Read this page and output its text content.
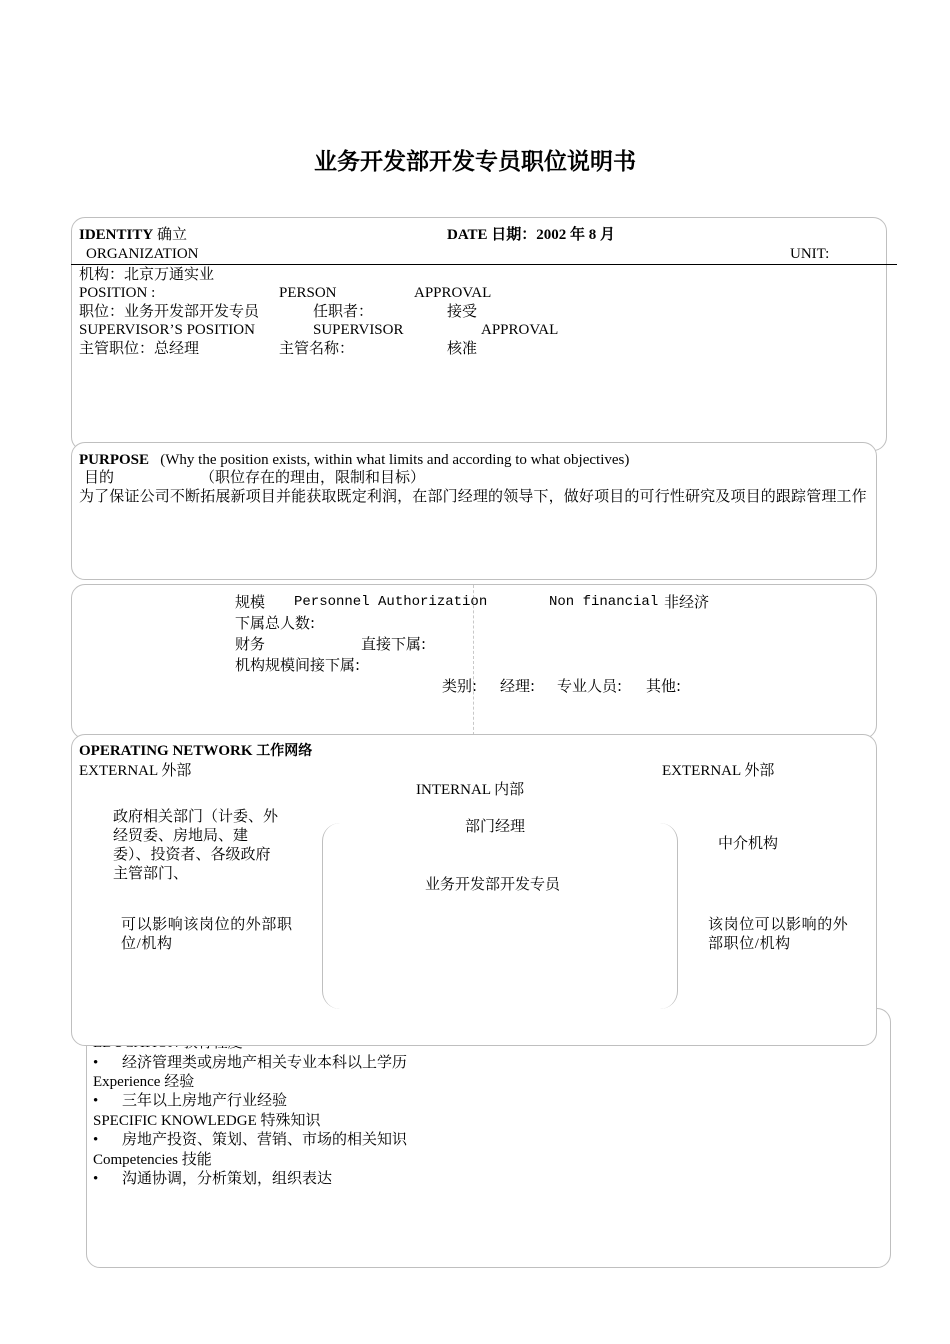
业务开发部开发专员职位说明书
IDENTITY 确立	DATE 日期：2002 年 8 月
ORGANIZATION	UNIT:
机构：北京万通实业
POSITION :	PERSON	APPROVAL
职位：业务开发部开发专员	任职者：	接受
SUPERVISOR’S POSITION	SUPERVISOR	APPROVAL
主管职位：总经理	主管名称：	核准
PURPOSE (Why the position exists, within what limits and according to what objectives)
目的	（职位存在的理由，限制和目标）
为了保证公司不断拓展新项目并能获取既定利润，在部门经理的领导下，做好项目的可行性研究及项目的跟踪管理工作
规模 Personnel Authorization	Non financial 非经济
下属总人数:
财务	直接下属:
机构规模间接下属:
类别: 经理: 专业人员: 其他:
OPERATING NETWORK 工作网络
EXTERNAL 外部	EXTERNAL 外部
INTERNAL 内部
政府相关部门（计委、外经贸委、房地局、建委）、投资者、各级政府主管部门、
可以影响该岗位的外部职位/机构
部门经理
业务开发部开发专员
中介机构
该岗位可以影响的外部职位/机构
• 经济管理类或房地产相关专业本科以上学历
Experience 经验
• 三年以上房地产行业经验
SPECIFIC KNOWLEDGE 特殊知识
• 房地产投资、策划、营销、市场的相关知识
Competencies 技能
• 沟通协调，分析策划，组织表达
